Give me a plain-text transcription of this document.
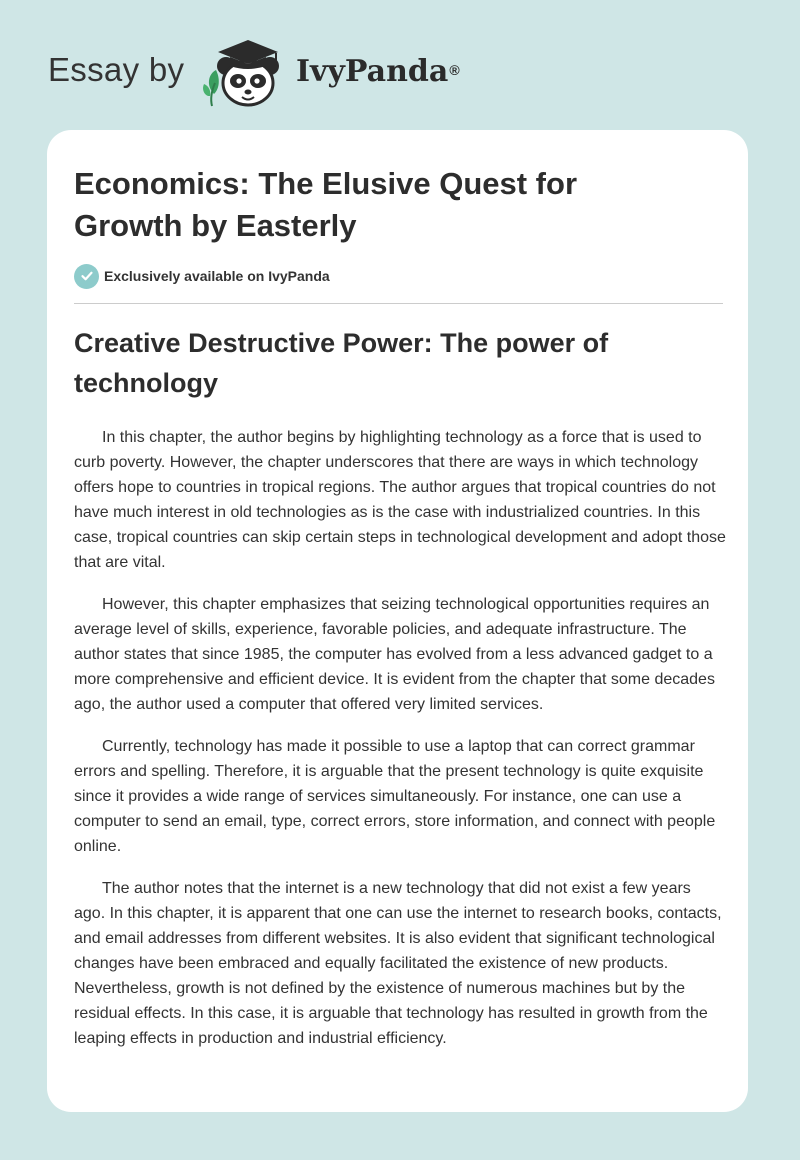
Essay by	IvyPanda®
Economics: The Elusive Quest for Growth by Easterly
Exclusively available on IvyPanda
Creative Destructive Power: The power of technology

In this chapter, the author begins by highlighting technology as a force that is used to curb poverty. However, the chapter underscores that there are ways in which technology offers hope to countries in tropical regions. The author argues that tropical countries do not have much interest in old technologies as is the case with industrialized countries. In this case, tropical countries can skip certain steps in technological development and adopt those that are vital.

However, this chapter emphasizes that seizing technological opportunities requires an average level of skills, experience, favorable policies, and adequate infrastructure. The author states that since 1985, the computer has evolved from a less advanced gadget to a more comprehensive and efficient device. It is evident from the chapter that some decades ago, the author used a computer that offered very limited services.

Currently, technology has made it possible to use a laptop that can correct grammar errors and spelling. Therefore, it is arguable that the present technology is quite exquisite since it provides a wide range of services simultaneously. For instance, one can use a computer to send an email, type, correct errors, store information, and connect with people online.

The author notes that the internet is a new technology that did not exist a few years ago. In this chapter, it is apparent that one can use the internet to research books, contacts, and email addresses from different websites. It is also evident that significant technological changes have been embraced and equally facilitated the existence of new products. Nevertheless, growth is not defined by the existence of numerous machines but by the residual effects. In this case, it is arguable that technology has resulted in growth from the leaping effects in production and industrial efficiency.
